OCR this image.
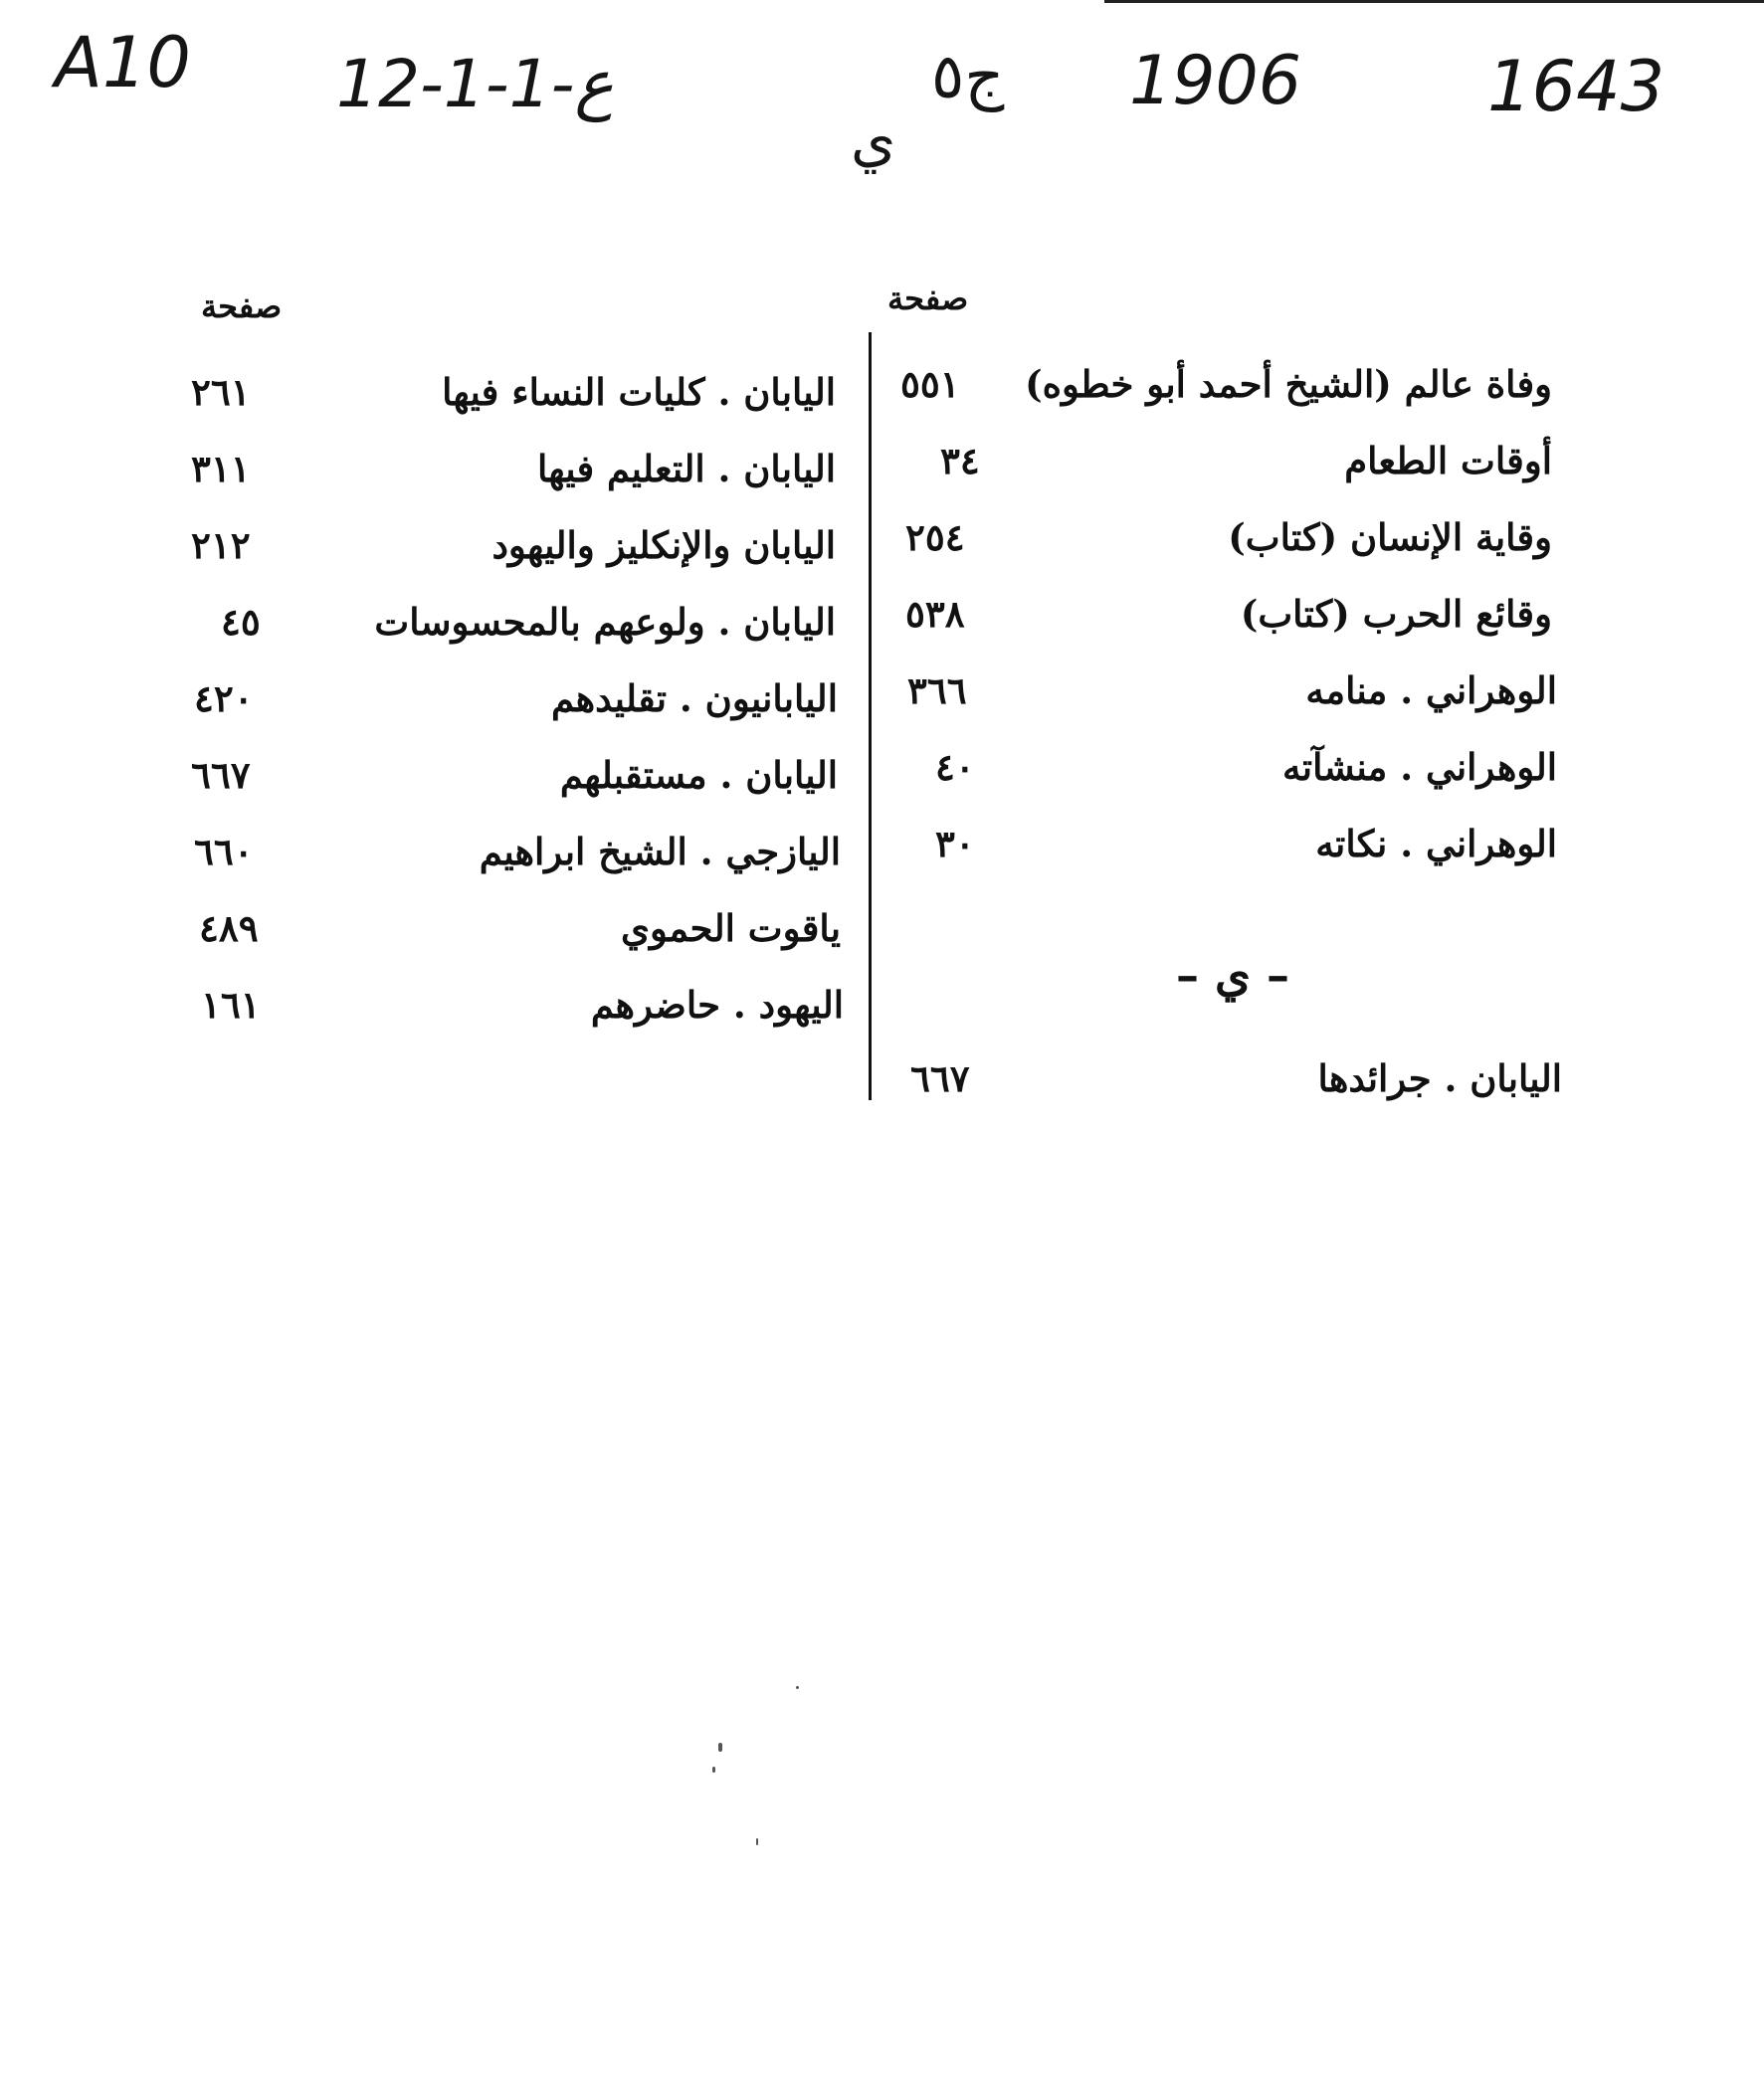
A10 12-1-ع-1	ج٥ 1906
ي
1643
صفحة
صفحة
وفاة عالم (الشيخ أحمد أبو خطوه)
٥٥١
أوقات الطعام
٣٤
وقاية الإنسان (كتاب)
٢٥٤
وقائع الحرب (كتاب)
٥٣٨
الوهراني . منامه
٣٦٦
الوهراني . منشآته
٤٠
الوهراني . نكاته
٣٠
– ي –
اليابان . جرائدها
٦٦٧
اليابان . كليات النساء فيها
٢٦١
اليابان . التعليم فيها
٣١١
اليابان والإنكليز واليهود
٢١٢
اليابان . ولوعهم بالمحسوسات
٤٥
اليابانيون . تقليدهم
٤٢٠
اليابان . مستقبلهم
٦٦٧
اليازجي . الشيخ ابراهيم
٦٦٠
ياقوت الحموي
٤٨٩
اليهود . حاضرهم
١٦١
